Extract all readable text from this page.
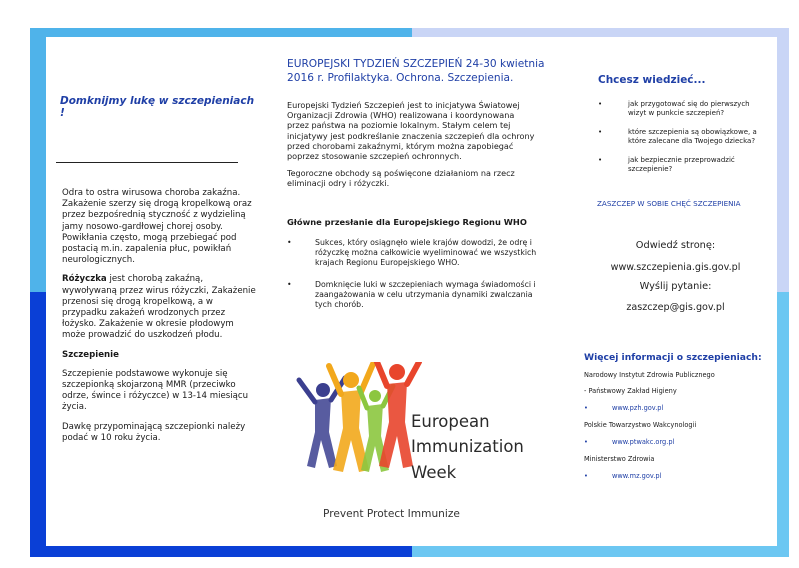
Domknijmy lukę w szczepieniach !

Odra to ostra wirusowa choroba zakaźna. Zakażenie szerzy się drogą kropelkową oraz przez bezpośrednią styczność z wydzieliną jamy nosowo-gardłowej chorej osoby. Powikłania często, mogą przebiegać pod postacią m.in. zapalenia płuc, powikłań neurologicznych.

Różyczka jest chorobą zakaźną, wywoływaną przez wirus różyczki, Zakażenie przenosi się drogą kropelkową, a w przypadku zakażeń wrodzonych przez łożysko. Zakażenie w okresie płodowym może prowadzić do uszkodzeń płodu.

Szczepienie

Szczepienie podstawowe wykonuje się szczepionką skojarzoną MMR (przeciwko odrze, śwince i różyczce) w 13-14 miesiącu życia.

Dawkę przypominającą szczepionki należy podać w 10 roku życia.

EUROPEJSKI TYDZIEŃ SZCZEPIEŃ 24-30 kwietnia 2016 r. Profilaktyka. Ochrona. Szczepienia.

Europejski Tydzień Szczepień jest to inicjatywa Światowej Organizacji Zdrowia (WHO) realizowana i koordynowana przez państwa na poziomie lokalnym. Stałym celem tej inicjatywy jest podkreślanie znaczenia szczepień dla ochrony przed chorobami zakaźnymi, którym można zapobiegać poprzez stosowanie szczepień ochronnych.

Tegoroczne obchody są poświęcone działaniom na rzecz eliminacji odry i różyczki.

Główne przesłanie dla Europejskiego Regionu WHO
•	Sukces, który osiągnęło wiele krajów dowodzi, że odrę i różyczkę można całkowicie wyeliminować we wszystkich krajach Regionu Europejskiego WHO.
•	Domknięcie luki w szczepieniach wymaga świadomości i zaangażowania w celu utrzymania dynamiki zwalczania tych chorób.
European
Immunization
Week
Prevent Protect Immunize
Chcesz wiedzieć...
•	jak przygotować się do pierwszych wizyt w punkcie szczepień?
•	które szczepienia są obowiązkowe, a które zalecane dla Twojego dziecka?
•	jak bezpiecznie przeprowadzić szczepienie?
ZASZCZEP W SOBIE CHĘĆ SZCZEPIENIA
Odwiedź stronę:
www.szczepienia.gis.gov.pl
Wyślij pytanie:
zaszczep@gis.gov.pl
Więcej informacji o szczepieniach:
Narodowy Instytut Zdrowia Publicznego

- Państwowy Zakład Higieny
•	www.pzh.gov.pl
Polskie Towarzystwo Wakcynologii
•	www.ptwakc.org.pl
Ministerstwo Zdrowia
•	www.mz.gov.pl
